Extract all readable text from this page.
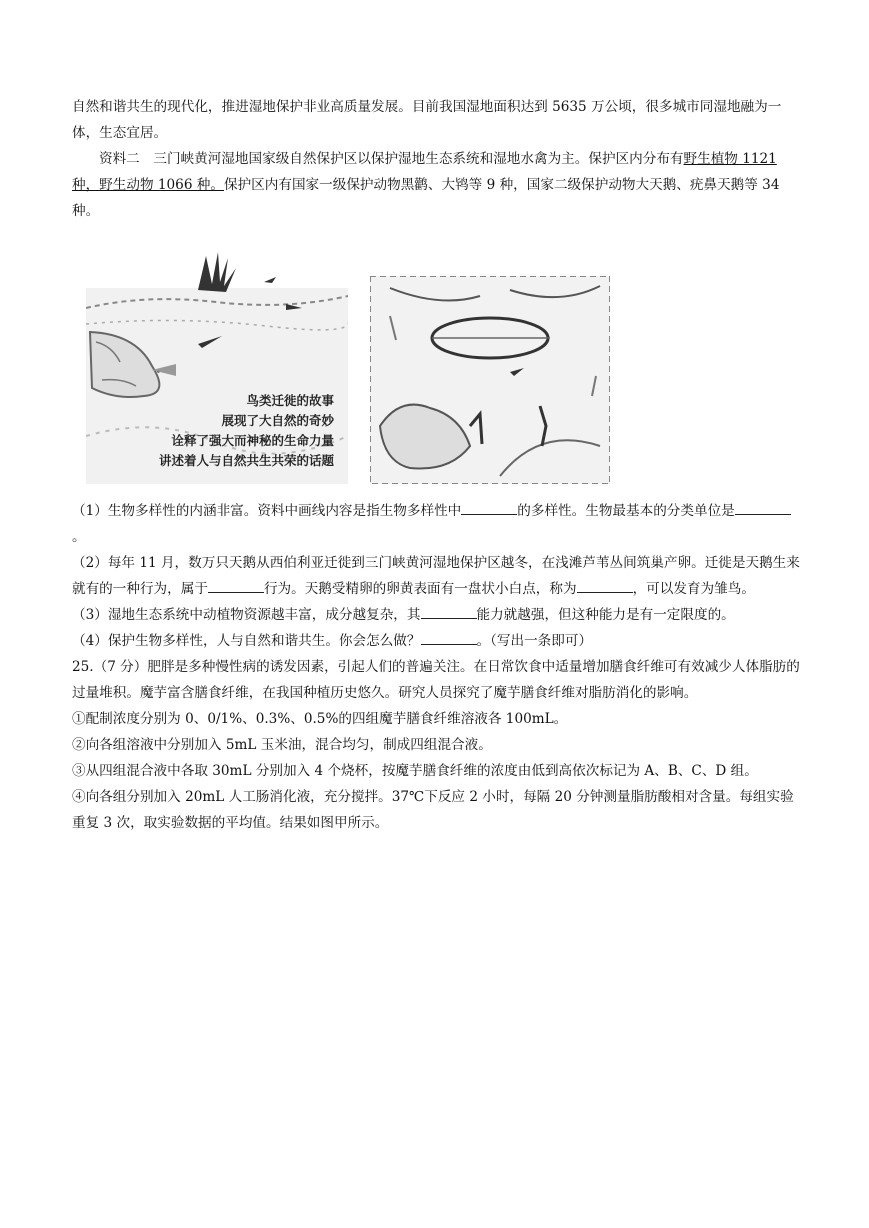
自然和谐共生的现代化，推进湿地保护非业高质量发展。目前我国湿地面积达到 5635 万公顷，很多城市同湿地融为一体，生态宜居。

资料二　 三门峡黄河湿地国家级自然保护区以保护湿地生态系统和湿地水禽为主。保护区内分布有野生植物 1121 种，野生动物 1066 种。保护区内有国家一级保护动物黑鹳、大鸨等 9 种，国家二级保护动物大天鹅、疣鼻天鹅等 34 种。

鸟类迁徙的故事
展现了大自然的奇妙
诠释了强大而神秘的生命力量
讲述着人与自然共生共荣的话题

（1）生物多样性的内涵非富。资料中画线内容是指生物多样性中	的多样性。生物最基本的分类单位是。

（2）每年 11 月，数万只天鹅从西伯利亚迁徙到三门峡黄河湿地保护区越冬，在浅滩芦苇丛间筑巢产卵。迁徙是天鹅生来就有的一种行为，属于	行为。天鹅受精卵的卵黄表面有一盘状小白点，称为	，可以发育为雏鸟。

（3）湿地生态系统中动植物资源越丰富，成分越复杂，其	能力就越强，但这种能力是有一定限度的。

（4）保护生物多样性，人与自然和谐共生。你会怎么做？	。（写出一条即可）

25.（7 分）肥胖是多种慢性病的诱发因素，引起人们的普遍关注。在日常饮食中适量增加膳食纤维可有效减少人体脂肪的过量堆积。魔芋富含膳食纤维，在我国种植历史悠久。研究人员探究了魔芋膳食纤维对脂肪消化的影响。

①配制浓度分别为 0、0/1%、0.3%、0.5%的四组魔芋膳食纤维溶液各 100mL。

②向各组溶液中分别加入 5mL 玉米油，混合均匀，制成四组混合液。

③从四组混合液中各取 30mL 分别加入 4 个烧杯，按魔芋膳食纤维的浓度由低到高依次标记为 A、B、C、D 组。

④向各组分别加入 20mL 人工肠消化液，充分搅拌。37℃下反应 2 小时，每隔 20 分钟测量脂肪酸相对含量。每组实验重复 3 次，取实验数据的平均值。结果如图甲所示。
